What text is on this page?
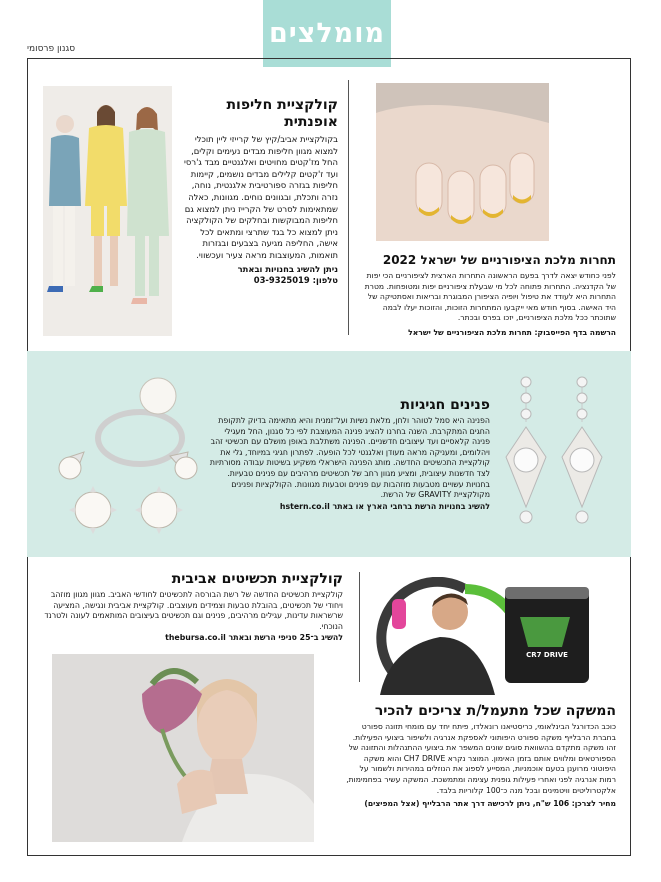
סגנון פרסומי	מומלצים
קולקציית חליפות אופנתית

בקולקציית אביב/קיץ של קרייזי ליין תוכלי למצוא מגוון חליפות מבדים נעימים וקלים, החל מז'קטים מחויטים ואלגנטיים מבד ג'רסי ועד ז'קטים קלילים מבדים נושמים, קיימות חליפות בגזרה ספורטיבית אלגנטית, נוחה, נזרה ותכלת, ובגוונים נוחים. מגוונות, כאלה שמתאימות לסרט של הקרייז ניתן למצוא גם חליפות המבוקשות ובחלקים של הקולקציה ניתן למצוא כל בגד שתרצי ומתאים לכל אישה, החליפה מגיעה בצבעים ובגזרות תואמות, המעוצבות מראה צעיר ועכשווי.

ניתן להשיג בחנויות ובאתר

טלפון: 03-9325019

תחרות מלכת הציפורניים של ישראל 2022

לפני כחודש יצאה לדרך בפעם הראשונה התחרות הארצית לציפורניים הכי יפות של הקדנציה. התחרות פתוחה לכל מי שבעלת ציפורניים יפות ומטופחות. מטרת התחרות היא לעודד את טיפול ויופיה הציפורן המבוגרת ובריאות ואסתטיקה של היד האישה. בסוף חודש מאי ייקבעו המתחרות הזוכות, והזוכות יעלו לבמה שתוכתר ככל מלכת הציפורניים, יזכו בפרס ובכתר.

הרשמה בדף הפייסבוק: תחרות מלכת הציפורניים של ישראל

פנינים חגיגיות

הפנינה היא סמל לטוהר ולחן, מלאת נשיות ועל־זמנית והיא מתאימה בדיוק לתקופת החגים המתקרבת. השנה בחרנו להציג פנינה המעוצבת לפי כל סגנון, החל מעגילי פנינה קלאסיים ועד עיצובים חדשניים. הפנינה משתלבת באופן מושלם עם תכשיטי זהב ויהלומים, ומעניקה מראה מעודן ואלגנטי לכל הופעה. לפתרון חגיגי במיוחד, גלי את קולקציית התכשיטים החדשה. מותג הפנינה הישראלי משקיע בשיטות עבודה מסורתיות לצד חדשנות עיצובית, ומציע מגוון רחב של תכשיטים מרהיבים עם פנינים טבעיות.

בחנויות עשויים מטבעות מוזהבות עם פנינים וטבעות מגוונות. הקולקציות ופנינים מקולקציית GRAVITY של הרשת.

להשיג בחנויות הרשת ברחבי הארץ או באתר hstern.co.il

קולקציית תכשיטים אביבית

קולקציית תכשיטים החדשה של רשת הבורסה לתכשיטים לחודשי האביב. מגוון מגוון מוזהב ויחודי של תכשיטים, בהובלת טבעות וצמידים מעוצבים. קולקציית אביבית ונגישה, המציעה שרשראות עדינות, עגילים מרהיבים, פנינים וגם תכשיטים בעיצובים המותאמים לעונה ולטרנד הנוכחי.

להשיג ב־25 סניפי הרשת ובאתר thebursa.co.il

CR7 DRIVE
המשקה שכל מתעמל/ת צריכים להכיר

כוכב הכדורגל הבינלאומי, כריסטיאנו רונאלדו, פיתח יחד עם מומחי תזונה ספורט בחברת הרבלייף משקה ספורט היפותוני לאספקת אנרגיה ולשיפור ביצועי הפעילות. זהו משקה מתקדם בהשוואת סוגים שונים המשפר את ביצועי ההתנהלות והתזונה של הספורטאים ומלווים אותם בזמן האימון. המוצר נקרא CH7 DRIVE והוא משקה היפוטוני מרוענן בטעם אוכמניות, המסייע לספוג את הנוזלים במהירות ולשמור על רמות אנרגיה לפני ואחרי פעילות גופנית עצימה ומתמשכת. המשקה עשיר בפחמימות, אלקטרוליטים וויטמינים ובכל מנה כ־100 קלוריות בלבד.

מחיר לצרכן: 106 ש"ח, ניתן לרכישה דרך אתר הרבלייף (אצל המפיצים)
